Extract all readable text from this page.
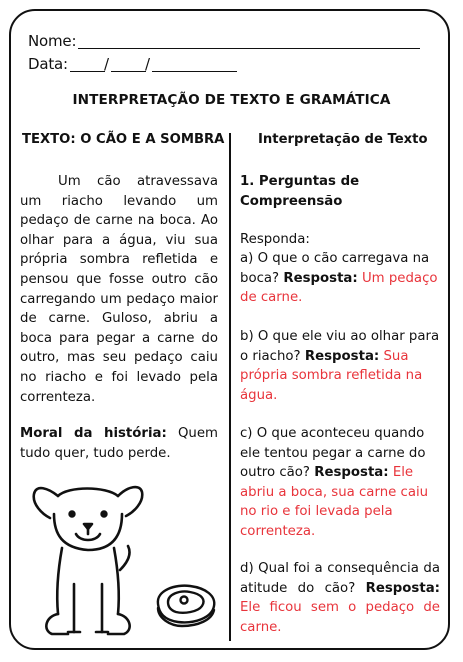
Nome:
Data: / /
INTERPRETAÇÃO DE TEXTO E GRAMÁTICA
TEXTO: O CÃO E A SOMBRA	Interpretação de Texto

Um cão atravessava um riacho levando um pedaço de carne na boca. Ao olhar para a água, viu sua própria sombra refletida e pensou que fosse outro cão carregando um pedaço maior de carne. Guloso, abriu a boca para pegar a carne do outro, mas seu pedaço caiu no riacho e foi levado pela correnteza.

Moral da história: Quem tudo quer, tudo perde.
1. Perguntas de Compreensão
Responda:

a) O que o cão carregava na boca? Resposta: Um pedaço de carne.

b) O que ele viu ao olhar para o riacho? Resposta: Sua própria sombra refletida na água.

c) O que aconteceu quando ele tentou pegar a carne do outro cão? Resposta: Ele abriu a boca, sua carne caiu no rio e foi levada pela correnteza.

d) Qual foi a consequência da atitude do cão? Resposta: Ele ficou sem o pedaço de carne.
